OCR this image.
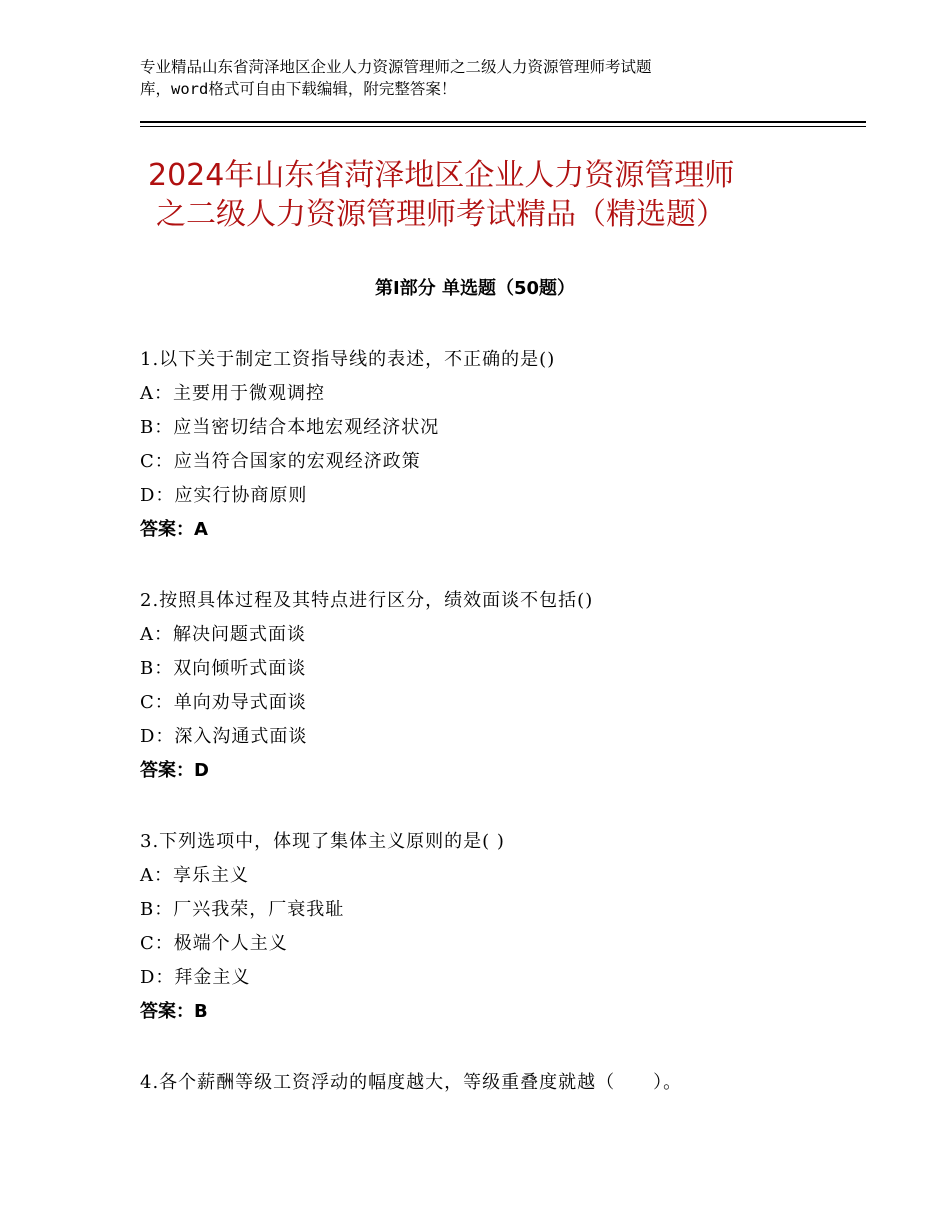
专业精品山东省菏泽地区企业人力资源管理师之二级人力资源管理师考试题
库，word格式可自由下载编辑，附完整答案！
2024年山东省菏泽地区企业人力资源管理师

之二级人力资源管理师考试精品（精选题）
第Ⅰ部分 单选题（50题）
1.以下关于制定工资指导线的表述，不正确的是()
A：主要用于微观调控
B：应当密切结合本地宏观经济状况
C：应当符合国家的宏观经济政策
D：应实行协商原则
答案：A
2.按照具体过程及其特点进行区分，绩效面谈不包括()
A：解决问题式面谈
B：双向倾听式面谈
C：单向劝导式面谈
D：深入沟通式面谈
答案：D
3.下列选项中，体现了集体主义原则的是( )
A：享乐主义
B：厂兴我荣，厂衰我耻
C：极端个人主义
D：拜金主义
答案：B
4.各个薪酬等级工资浮动的幅度越大，等级重叠度就越（　　）。
